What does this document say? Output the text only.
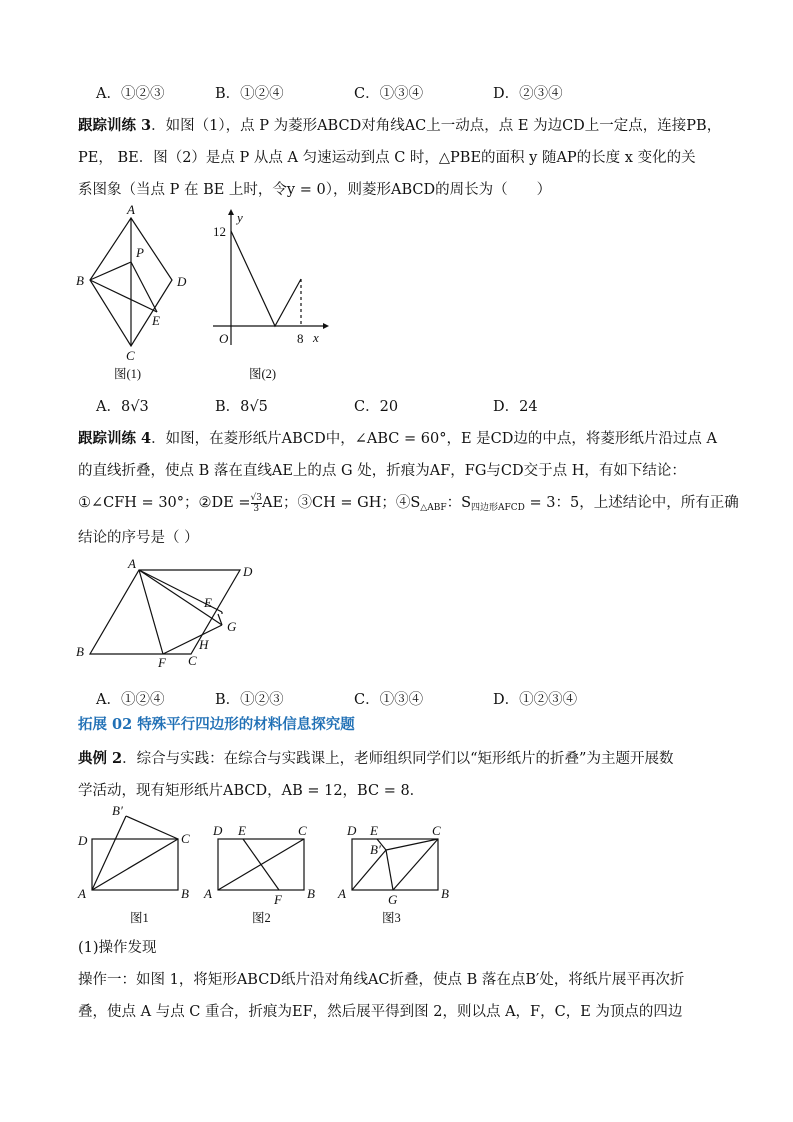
A．①②③	B．①②④	C．①③④	D．②③④
跟踪训练 3．如图（1），点 P 为菱形ABCD对角线AC上一动点，点 E 为边CD上一定点，连接PB，
PE， BE．图（2）是点 P 从点 A 匀速运动到点 C 时，△PBE的面积 y 随AP的长度 x 变化的关
系图象（当点 P 在 BE 上时，令y = 0），则菱形ABCD的周长为（　　）
A
B	D
C
P
E
图(1)
y
x
O
12
8
图(2)
A．8√3	B．8√5	C．20	D．24
跟踪训练 4．如图，在菱形纸片ABCD中，∠ABC = 60°，E 是CD边的中点，将菱形纸片沿过点 A
的直线折叠，使点 B 落在直线AE上的点 G 处，折痕为AF，FG与CD交于点 H，有如下结论：
①∠CFH = 30°；②DE = $\frac{√3}{3}$ AE；③CH = GH；$④S_{\triangle ABF}$：$S_{四边形AFCD} = 3$：5，上述结论中，所有正确
结论的序号是（ ）
A
D
B
F C
E
G
H
A．①②④	B．①②③	C．①③④	D．①②③④
拓展 02 特殊平行四边形的材料信息探究题
典例 2．综合与实践：在综合与实践课上，老师组织同学们以“矩形纸片的折叠”为主题开展数
学活动，现有矩形纸片ABCD，AB = 12，BC = 8．
B′
D	C
A	B
图1
D E	C
A	F B
图2
D E	C
B′
A	G	B
图3
(1)操作发现
操作一：如图 1，将矩形ABCD纸片沿对角线AC折叠，使点 B 落在点B′处，将纸片展平再次折
叠，使点 A 与点 C 重合，折痕为EF，然后展平得到图 2，则以点 A，F，C，E 为顶点的四边
